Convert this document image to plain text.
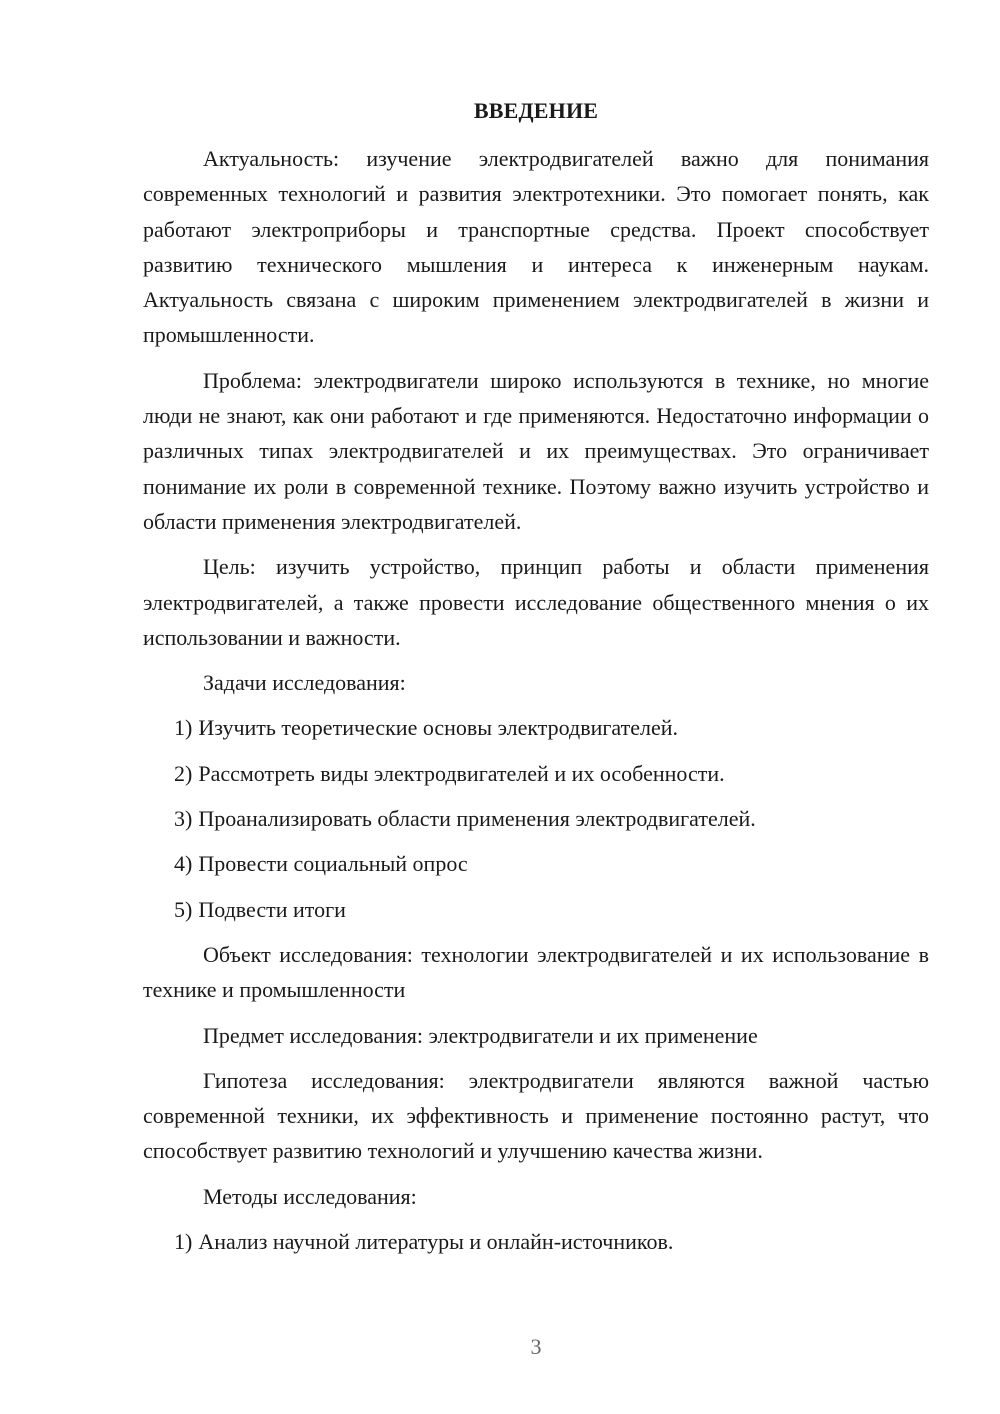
ВВЕДЕНИЕ

Актуальность: изучение электродвигателей важно для понимания современных технологий и развития электротехники. Это помогает понять, как работают электроприборы и транспортные средства. Проект способствует развитию технического мышления и интереса к инженерным наукам. Актуальность связана с широким применением электродвигателей в жизни и промышленности.

Проблема: электродвигатели широко используются в технике, но многие люди не знают, как они работают и где применяются. Недостаточно информации о различных типах электродвигателей и их преимуществах. Это ограничивает понимание их роли в современной технике. Поэтому важно изучить устройство и области применения электродвигателей.

Цель: изучить устройство, принцип работы и области применения электродвигателей, а также провести исследование общественного мнения о их использовании и важности.

Задачи исследования:

1) Изучить теоретические основы электродвигателей.
2) Рассмотреть виды электродвигателей и их особенности.
3) Проанализировать области применения электродвигателей.
4) Провести социальный опрос
5) Подвести итоги

Объект исследования: технологии электродвигателей и их использование в технике и промышленности

Предмет исследования: электродвигатели и их применение

Гипотеза исследования: электродвигатели являются важной частью современной техники, их эффективность и применение постоянно растут, что способствует развитию технологий и улучшению качества жизни.

Методы исследования:

1) Анализ научной литературы и онлайн-источников.
3
